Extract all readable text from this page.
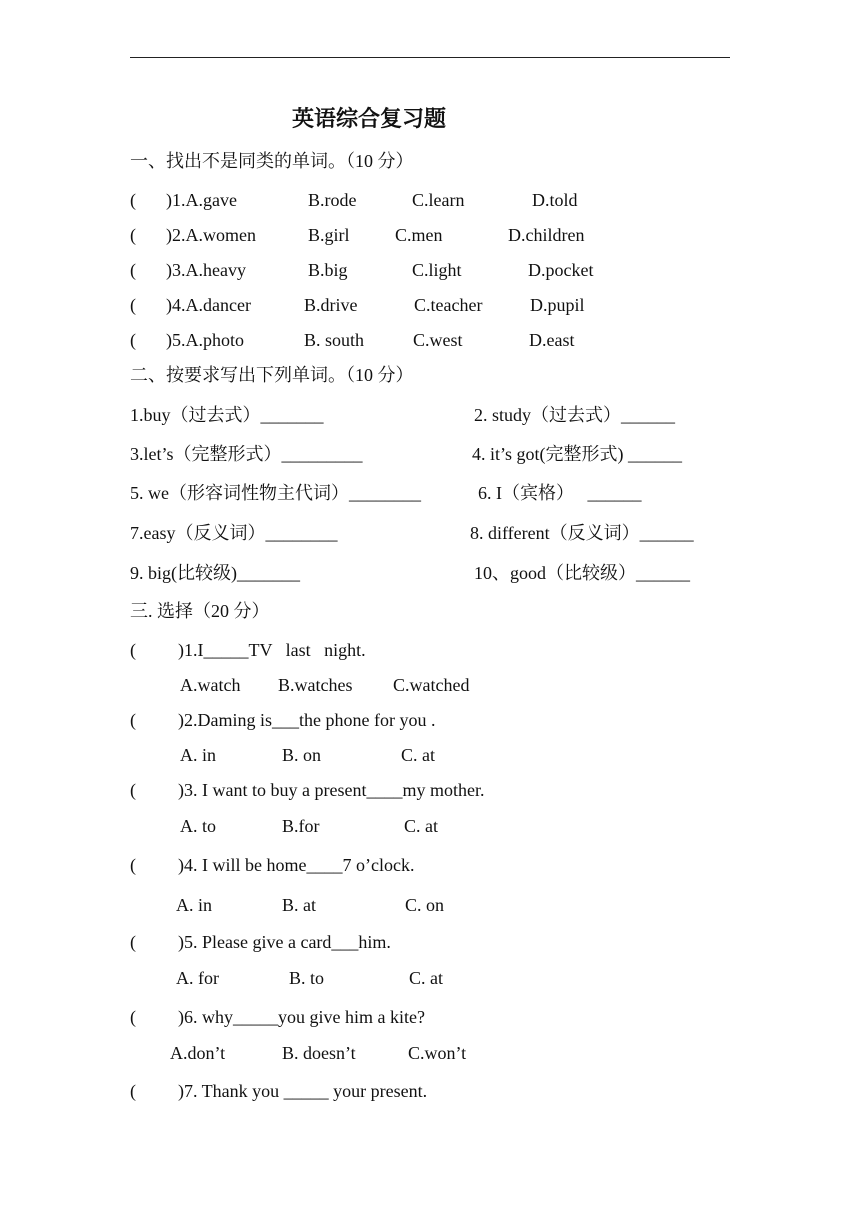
英语综合复习题
一、找出不是同类的单词。（10 分）
( )1.A.gave	B.rode	C.learn	D.told
( )2.A.women	B.girl	C.men	D.children
( )3.A.heavy	B.big	C.light	D.pocket
( )4.A.dancer	B.drive	C.teacher	D.pupil
( )5.A.photo	B. south	C.west	D.east
二、按要求写出下列单词。（10 分）
1.buy（过去式）_______	2. study（过去式）______
3.let’s（完整形式）_________	4. it’s got(完整形式) ______
5. we（形容词性物主代词）________	6. I（宾格）   ______
7.easy（反义词）________	8. different（反义词）______
9. big(比较级)_______	10、good（比较级）______
三. 选择（20 分）
( )1.I_____TV   last   night.
A.watch B.watches C.watched
( )2.Daming is___the phone for you .
A. in	B. on	C. at
( )3. I want to buy a present____my mother.
A. to	B.for	C. at
( )4. I will be home____7 o’clock.
A. in	B. at	C. on
( )5. Please give a card___him.
A. for	B. to	C. at
( )6. why_____you give him a kite?
A.don’t	B. doesn’t	C.won’t
( )7. Thank you _____ your present.
